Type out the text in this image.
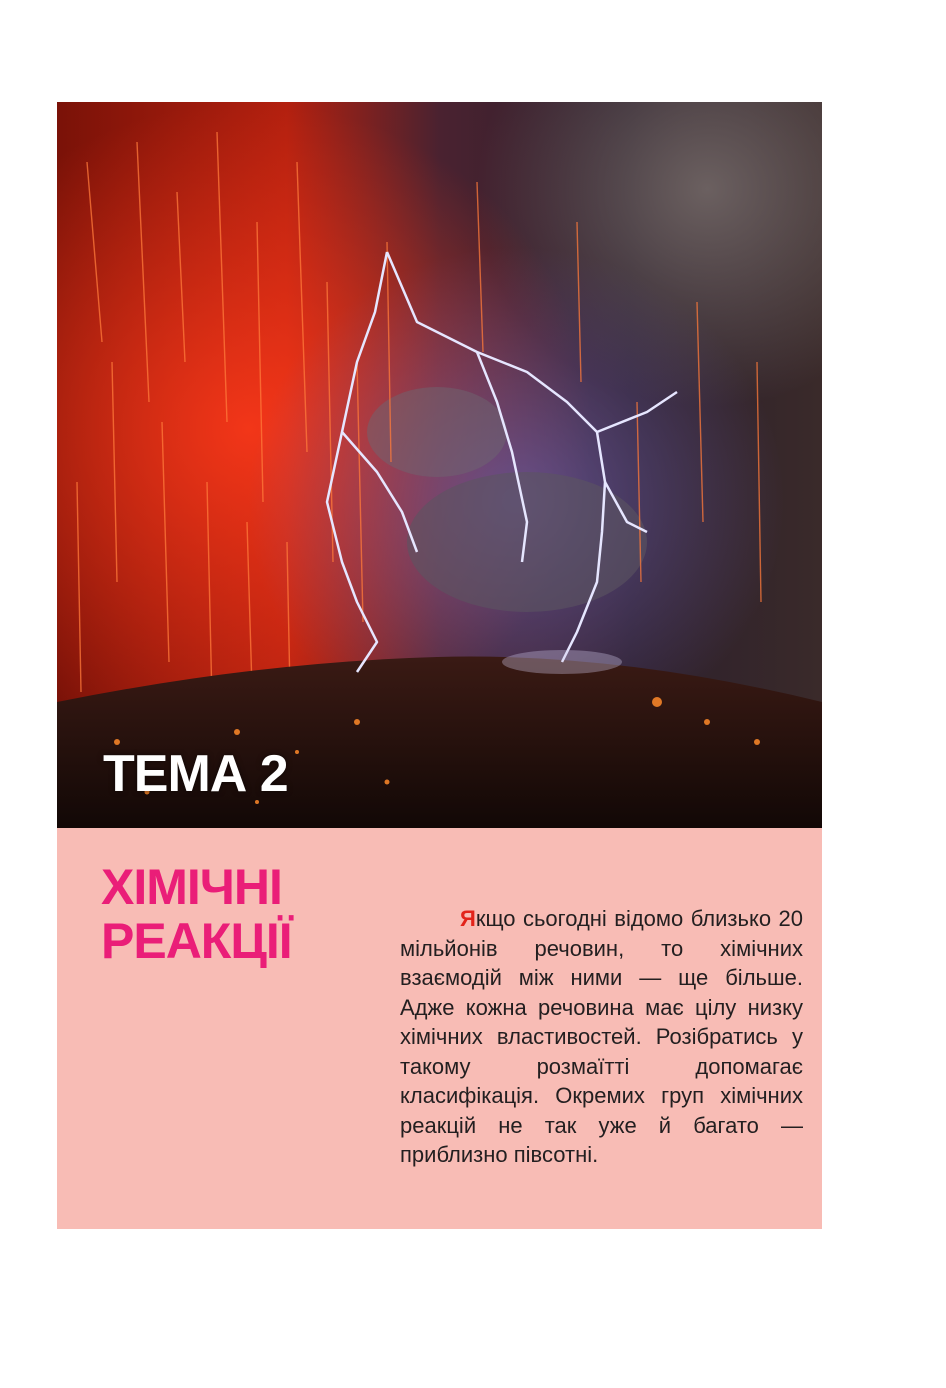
ТЕМА 2
ХІМІЧНІ
РЕАКЦІЇ	Якщо сьогодні відомо близько 20 мільйонів речовин, то хімічних взаємодій між ними — ще більше. Адже кожна речовина має цілу низку хімічних властивостей. Розібратись у такому розмаїтті допомагає класифікація. Окремих груп хімічних реакцій не так уже й багато — приблизно півсотні.
